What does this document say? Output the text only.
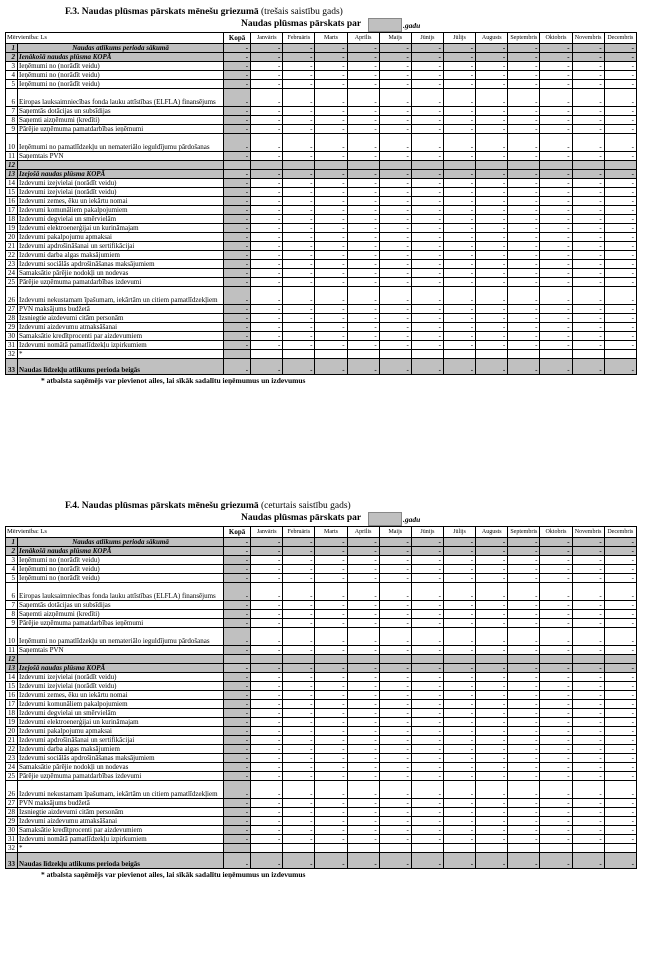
F.3. Naudas plūsmas pārskats mēnešu griezumā (trešais saistību gads)
Naudas plūsmas pārskats par	.gadu
Mērvienība: Ls		Kopā	Janvāris	Februāris	Marts	Aprīlis	Maijs	Jūnijs	Jūlijs	Augusts	Septembris	Oktobris	Novembris	Decembris
1	Naudas atlikums perioda sākumā	-	-	-	-	-	-	-	-	-	-	-	-	-
2	Ienākošā naudas plūsma KOPĀ	-	-	-	-	-	-	-	-	-	-	-	-	-
3	Ieņēmumi no (norādīt veidu)	-	-	-	-	-	-	-	-	-	-	-	-	-
4	Ieņēmumi no (norādīt veidu)	-	-	-	-	-	-	-	-	-	-	-	-	-
5	Ieņēmumi no (norādīt veidu)	-	-	-	-	-	-	-	-	-	-	-	-	-
6	Eiropas lauksaimniecības fonda lauku attīstības (ELFLA) finansējums	-	-	-	-	-	-	-	-	-	-	-	-	-
7	Saņemtās dotācijas un subsīdijas	-	-	-	-	-	-	-	-	-	-	-	-	-
8	Saņemti aizņēmumi (kredīti)	-	-	-	-	-	-	-	-	-	-	-	-	-
9	Pārējie uzņēmuma pamatdarbības ieņēmumi	-	-	-	-	-	-	-	-	-	-	-	-	-
10	Ieņēmumi no pamatlīdzekļu un nemateriālo ieguldījumu pārdošanas	-	-	-	-	-	-	-	-	-	-	-	-	-
11	Saņemtais PVN	-	-	-	-	-	-	-	-	-	-	-	-	-
12														
13	Izejošā naudas plūsma KOPĀ	-	-	-	-	-	-	-	-	-	-	-	-	-
14	Izdevumi izejvielai (norādīt veidu)	-	-	-	-	-	-	-	-	-	-	-	-	-
15	Izdevumi izejvielai (norādīt veidu)	-	-	-	-	-	-	-	-	-	-	-	-	-
16	Izdevumi zemes, ēku un iekārtu nomai	-	-	-	-	-	-	-	-	-	-	-	-	-
17	Izdevumi komunāliem pakalpojumiem	-	-	-	-	-	-	-	-	-	-	-	-	-
18	Izdevumi degvielai un smērvielām	-	-	-	-	-	-	-	-	-	-	-	-	-
19	Izdevumi elektroenerģijai un kurināmajam	-	-	-	-	-	-	-	-	-	-	-	-	-
20	Izdevumi pakalpojumu apmaksai	-	-	-	-	-	-	-	-	-	-	-	-	-
21	Izdevumi apdrošināšanai un sertifikācijai	-	-	-	-	-	-	-	-	-	-	-	-	-
22	Izdevumi darba algas maksājumiem	-	-	-	-	-	-	-	-	-	-	-	-	-
23	Izdevumi sociālās apdrošināšanas maksājumiem	-	-	-	-	-	-	-	-	-	-	-	-	-
24	Samaksātie pārējie nodokļi un nodevas	-	-	-	-	-	-	-	-	-	-	-	-	-
25	Pārējie uzņēmuma pamatdarbības izdevumi	-	-	-	-	-	-	-	-	-	-	-	-	-
26	Izdevumi nekustamam īpašumam, iekārtām un citiem pamatlīdzekļiem	-	-	-	-	-	-	-	-	-	-	-	-	-
27	PVN maksājums budžetā	-	-	-	-	-	-	-	-	-	-	-	-	-
28	Izsniegtie aizdevumi citām personām	-	-	-	-	-	-	-	-	-	-	-	-	-
29	Izdevumi aizdevumu atmaksāšanai	-	-	-	-	-	-	-	-	-	-	-	-	-
30	Samaksātie kredītprocenti par aizdevumiem	-	-	-	-	-	-	-	-	-	-	-	-	-
31	Izdevumi nomātā pamatlīdzekļu izpirkumiem	-	-	-	-	-	-	-	-	-	-	-	-	-
32	*													
33	Naudas līdzekļu atlikums perioda beigās	-	-	-	-	-	-	-	-	-	-	-	-	-
* atbalsta saņēmējs var pievienot ailes, lai sīkāk sadalītu ieņēmumus un izdevumus
F.4. Naudas plūsmas pārskats mēnešu griezumā (ceturtais saistību gads)
Naudas plūsmas pārskats par	.gadu
Mērvienība: Ls		Kopā	Janvāris	Februāris	Marts	Aprīlis	Maijs	Jūnijs	Jūlijs	Augusts	Septembris	Oktobris	Novembris	Decembris
1	Naudas atlikums perioda sākumā	-	-	-	-	-	-	-	-	-	-	-	-	-
2	Ienākošā naudas plūsma KOPĀ	-	-	-	-	-	-	-	-	-	-	-	-	-
3	Ieņēmumi no (norādīt veidu)	-	-	-	-	-	-	-	-	-	-	-	-	-
4	Ieņēmumi no (norādīt veidu)	-	-	-	-	-	-	-	-	-	-	-	-	-
5	Ieņēmumi no (norādīt veidu)	-	-	-	-	-	-	-	-	-	-	-	-	-
6	Eiropas lauksaimniecības fonda lauku attīstības (ELFLA) finansējums	-	-	-	-	-	-	-	-	-	-	-	-	-
7	Saņemtās dotācijas un subsīdijas	-	-	-	-	-	-	-	-	-	-	-	-	-
8	Saņemti aizņēmumi (kredīti)	-	-	-	-	-	-	-	-	-	-	-	-	-
9	Pārējie uzņēmuma pamatdarbības ieņēmumi	-	-	-	-	-	-	-	-	-	-	-	-	-
10	Ieņēmumi no pamatlīdzekļu un nemateriālo ieguldījumu pārdošanas	-	-	-	-	-	-	-	-	-	-	-	-	-
11	Saņemtais PVN	-	-	-	-	-	-	-	-	-	-	-	-	-
12														
13	Izejošā naudas plūsma KOPĀ	-	-	-	-	-	-	-	-	-	-	-	-	-
14	Izdevumi izejvielai (norādīt veidu)	-	-	-	-	-	-	-	-	-	-	-	-	-
15	Izdevumi izejvielai (norādīt veidu)	-	-	-	-	-	-	-	-	-	-	-	-	-
16	Izdevumi zemes, ēku un iekārtu nomai	-	-	-	-	-	-	-	-	-	-	-	-	-
17	Izdevumi komunāliem pakalpojumiem	-	-	-	-	-	-	-	-	-	-	-	-	-
18	Izdevumi degvielai un smērvielām	-	-	-	-	-	-	-	-	-	-	-	-	-
19	Izdevumi elektroenerģijai un kurināmajam	-	-	-	-	-	-	-	-	-	-	-	-	-
20	Izdevumi pakalpojumu apmaksai	-	-	-	-	-	-	-	-	-	-	-	-	-
21	Izdevumi apdrošināšanai un sertifikācijai	-	-	-	-	-	-	-	-	-	-	-	-	-
22	Izdevumi darba algas maksājumiem	-	-	-	-	-	-	-	-	-	-	-	-	-
23	Izdevumi sociālās apdrošināšanas maksājumiem	-	-	-	-	-	-	-	-	-	-	-	-	-
24	Samaksātie pārējie nodokļi un nodevas	-	-	-	-	-	-	-	-	-	-	-	-	-
25	Pārējie uzņēmuma pamatdarbības izdevumi	-	-	-	-	-	-	-	-	-	-	-	-	-
26	Izdevumi nekustamam īpašumam, iekārtām un citiem pamatlīdzekļiem	-	-	-	-	-	-	-	-	-	-	-	-	-
27	PVN maksājums budžetā	-	-	-	-	-	-	-	-	-	-	-	-	-
28	Izsniegtie aizdevumi citām personām	-	-	-	-	-	-	-	-	-	-	-	-	-
29	Izdevumi aizdevumu atmaksāšanai	-	-	-	-	-	-	-	-	-	-	-	-	-
30	Samaksātie kredītprocenti par aizdevumiem	-	-	-	-	-	-	-	-	-	-	-	-	-
31	Izdevumi nomātā pamatlīdzekļu izpirkumiem	-	-	-	-	-	-	-	-	-	-	-	-	-
32	*													
33	Naudas līdzekļu atlikums perioda beigās	-	-	-	-	-	-	-	-	-	-	-	-	-
* atbalsta saņēmējs var pievienot ailes, lai sīkāk sadalītu ieņēmumus un izdevumus
